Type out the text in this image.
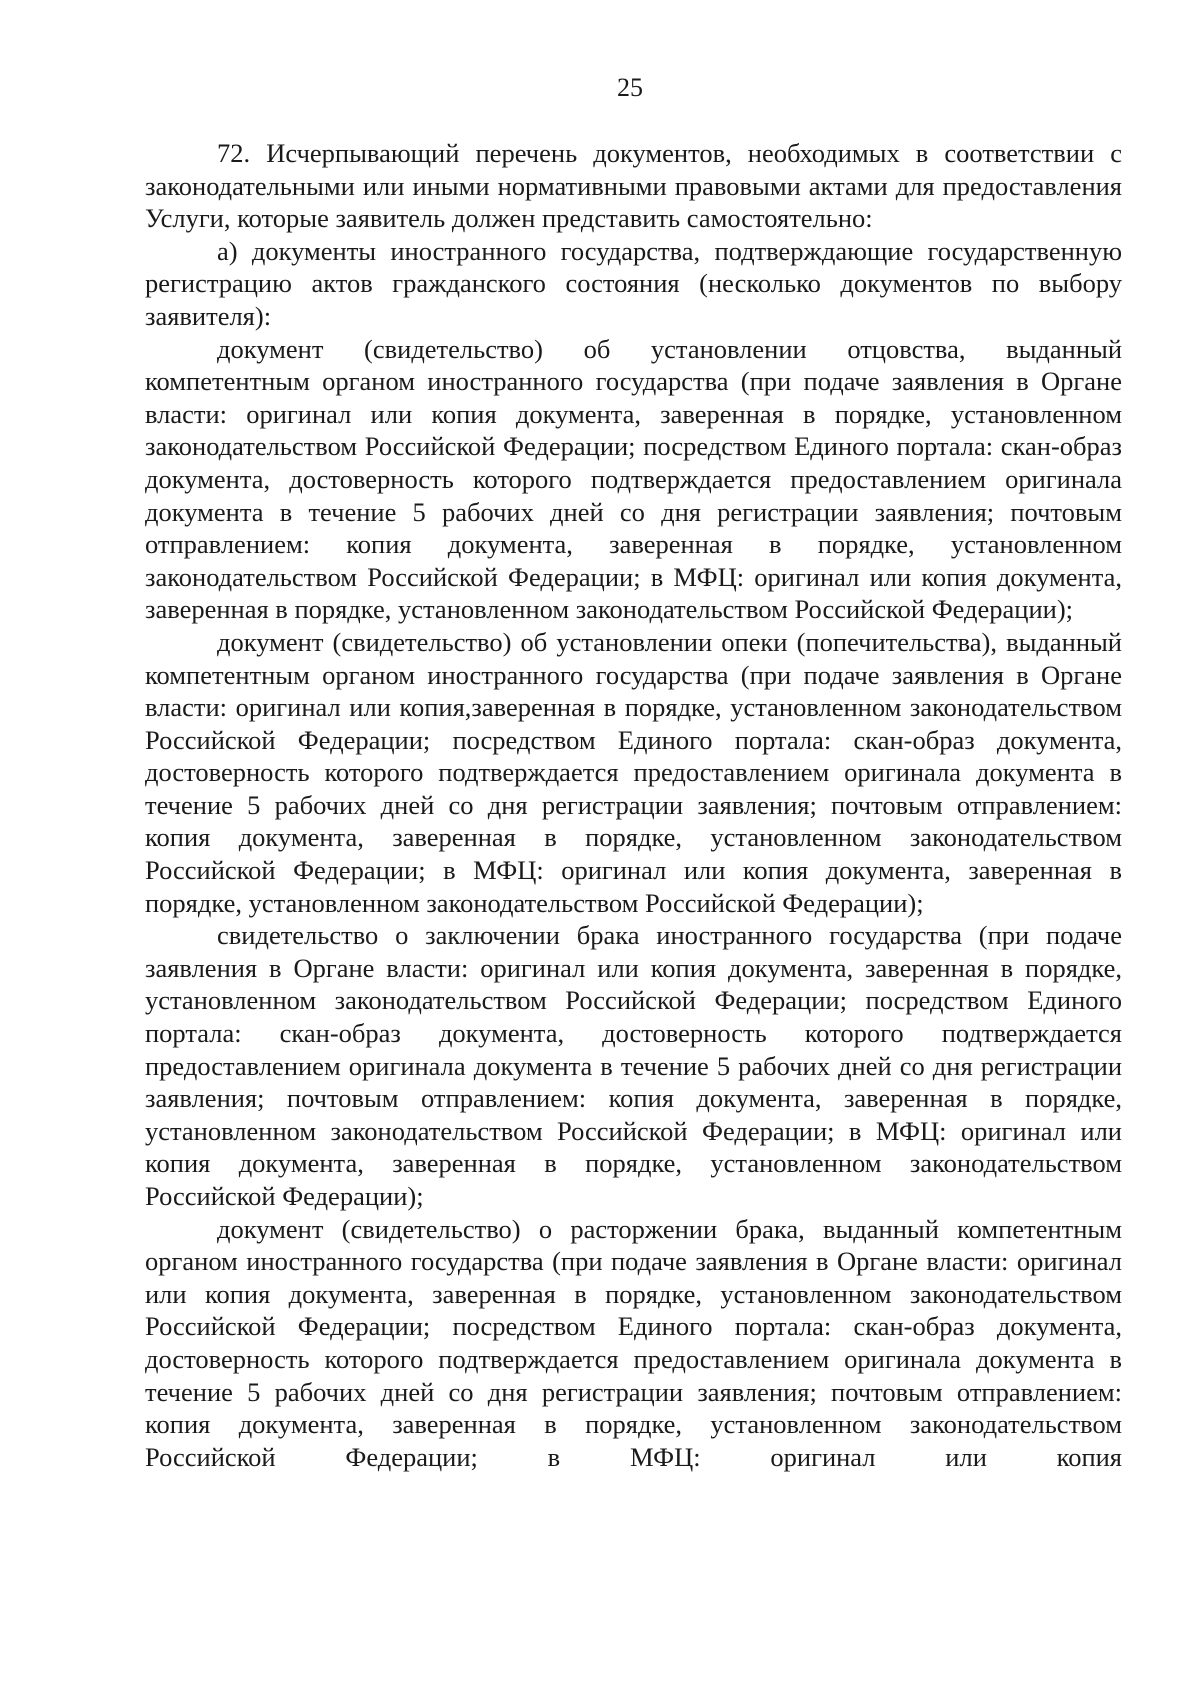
25

72. Исчерпывающий перечень документов, необходимых в соответствии с законодательными или иными нормативными правовыми актами для предоставления Услуги, которые заявитель должен представить самостоятельно:

а) документы иностранного государства, подтверждающие государственную регистрацию актов гражданского состояния (несколько документов по выбору заявителя):

документ (свидетельство) об установлении отцовства, выданный компетентным органом иностранного государства (при подаче заявления в Органе власти: оригинал или копия документа, заверенная в порядке, установленном законодательством Российской Федерации; посредством Единого портала: скан-образ документа, достоверность которого подтверждается предоставлением оригинала документа в течение 5 рабочих дней со дня регистрации заявления; почтовым отправлением: копия документа, заверенная в порядке, установленном законодательством Российской Федерации; в МФЦ: оригинал или копия документа, заверенная в порядке, установленном законодательством Российской Федерации);

документ (свидетельство) об установлении опеки (попечительства), выданный компетентным органом иностранного государства (при подаче заявления в Органе власти: оригинал или копия,заверенная в порядке, установленном законодательством Российской Федерации; посредством Единого портала: скан-образ документа, достоверность которого подтверждается предоставлением оригинала документа в течение 5 рабочих дней со дня регистрации заявления; почтовым отправлением: копия документа, заверенная в порядке, установленном законодательством Российской Федерации; в МФЦ: оригинал или копия документа, заверенная в порядке, установленном законодательством Российской Федерации);

свидетельство о заключении брака иностранного государства (при подаче заявления в Органе власти: оригинал или копия документа, заверенная в порядке, установленном законодательством Российской Федерации; посредством Единого портала: скан-образ документа, достоверность которого подтверждается предоставлением оригинала документа в течение 5 рабочих дней со дня регистрации заявления; почтовым отправлением: копия документа, заверенная в порядке, установленном законодательством Российской Федерации; в МФЦ: оригинал или копия документа, заверенная в порядке, установленном законодательством Российской Федерации);

документ (свидетельство) о расторжении брака, выданный компетентным органом иностранного государства (при подаче заявления в Органе власти: оригинал или копия документа, заверенная в порядке, установленном законодательством Российской Федерации; посредством Единого портала: скан-образ документа, достоверность которого подтверждается предоставлением оригинала документа в течение 5 рабочих дней со дня регистрации заявления; почтовым отправлением: копия документа, заверенная в порядке, установленном законодательством Российской Федерации; в МФЦ: оригинал или копия
